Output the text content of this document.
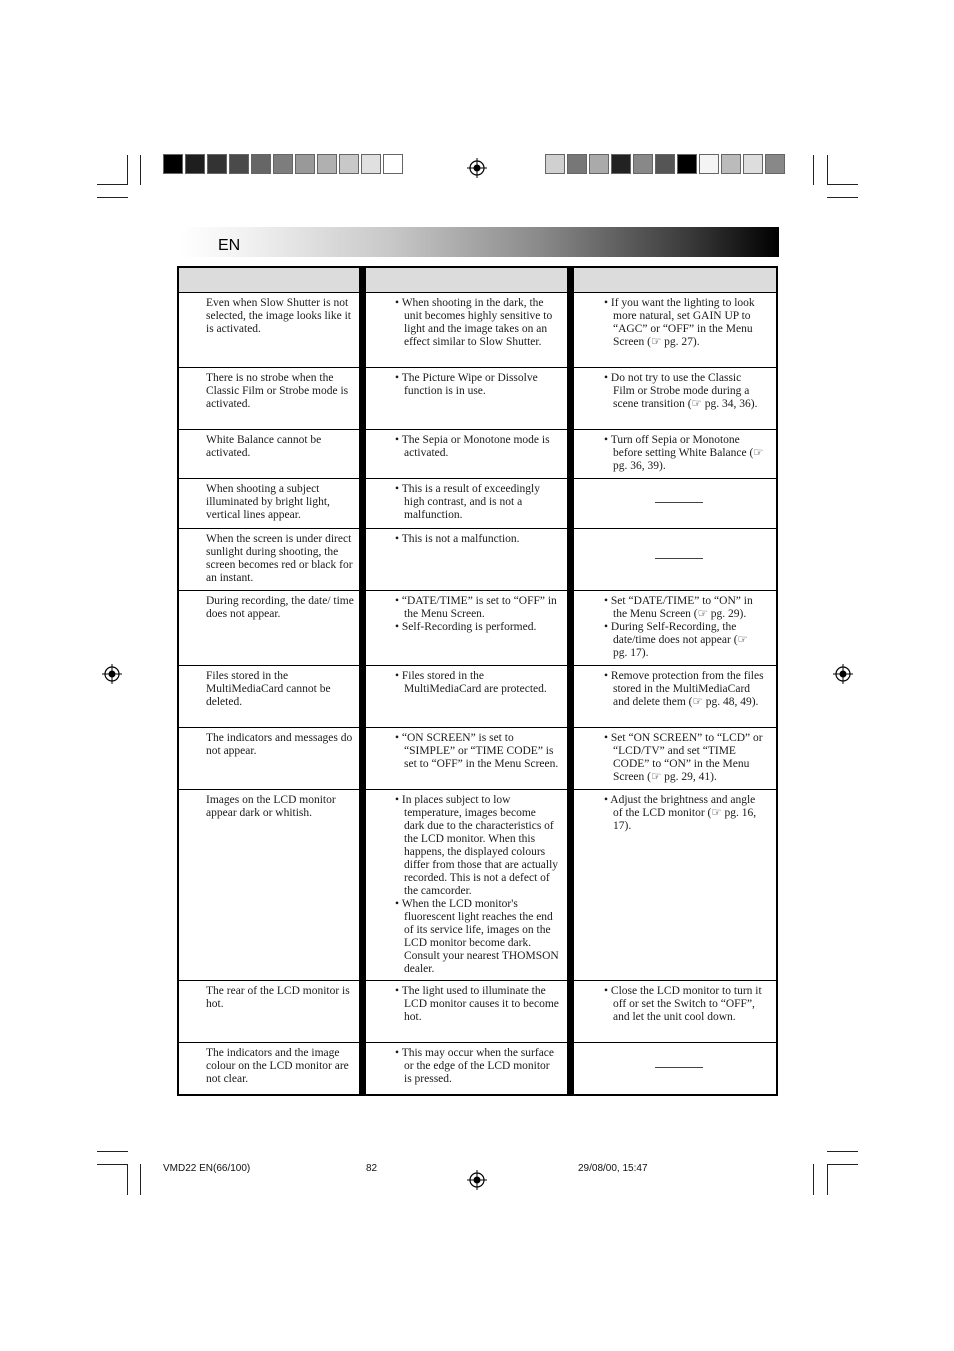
EN
VMD22 EN(66/100)	82	29/08/00, 15:47
Even when Slow Shutter is not selected, the image looks like it is activated.
• When shooting in the dark, the unit becomes highly sensitive to light and the image takes on an effect similar to Slow Shutter.
• If you want the lighting to look more natural, set GAIN UP to “AGC” or “OFF” in the Menu Screen (☞ pg. 27).
There is no strobe when the Classic Film or Strobe mode is activated.
• The Picture Wipe or Dissolve function is in use.
• Do not try to use the Classic Film or Strobe mode during a scene transition (☞ pg. 34, 36).
White Balance cannot be activated.
• The Sepia or Monotone mode is activated.
• Turn off Sepia or Monotone before setting White Balance (☞ pg. 36, 39).
When shooting a subject illuminated by bright light, vertical lines appear.
• This is a result of exceedingly high contrast, and is not a malfunction.
When the screen is under direct sunlight during shooting, the screen becomes red or black for an instant.
• This is not a malfunction.
During recording, the date/ time does not appear.
• “DATE/TIME” is set to “OFF” in the Menu Screen.
• Self-Recording is performed.
• Set “DATE/TIME” to “ON” in the Menu Screen (☞ pg. 29).
• During Self-Recording, the date/time does not appear (☞ pg. 17).
Files stored in the MultiMediaCard cannot be deleted.
• Files stored in the MultiMediaCard are protected.
• Remove protection from the files stored in the MultiMediaCard and delete them (☞ pg. 48, 49).
The indicators and messages do not appear.
• “ON SCREEN” is set to “SIMPLE” or “TIME CODE” is set to “OFF” in the Menu Screen.
• Set “ON SCREEN” to “LCD” or “LCD/TV” and set “TIME CODE” to “ON” in the Menu Screen (☞ pg. 29, 41).
Images on the LCD monitor appear dark or whitish.
• In places subject to low temperature, images become dark due to the characteristics of the LCD monitor. When this happens, the displayed colours differ from those that are actually recorded. This is not a defect of the camcorder.
• When the LCD monitor's fluorescent light reaches the end of its service life, images on the LCD monitor become dark. Consult your nearest THOMSON dealer.
• Adjust the brightness and angle of the LCD monitor (☞ pg. 16, 17).
The rear of the LCD monitor is hot.
• The light used to illuminate the LCD monitor causes it to become hot.
• Close the LCD monitor to turn it off or set the Switch to “OFF”, and let the unit cool down.
The indicators and the image colour on the LCD monitor are not clear.
• This may occur when the surface or the edge of the LCD monitor is pressed.
